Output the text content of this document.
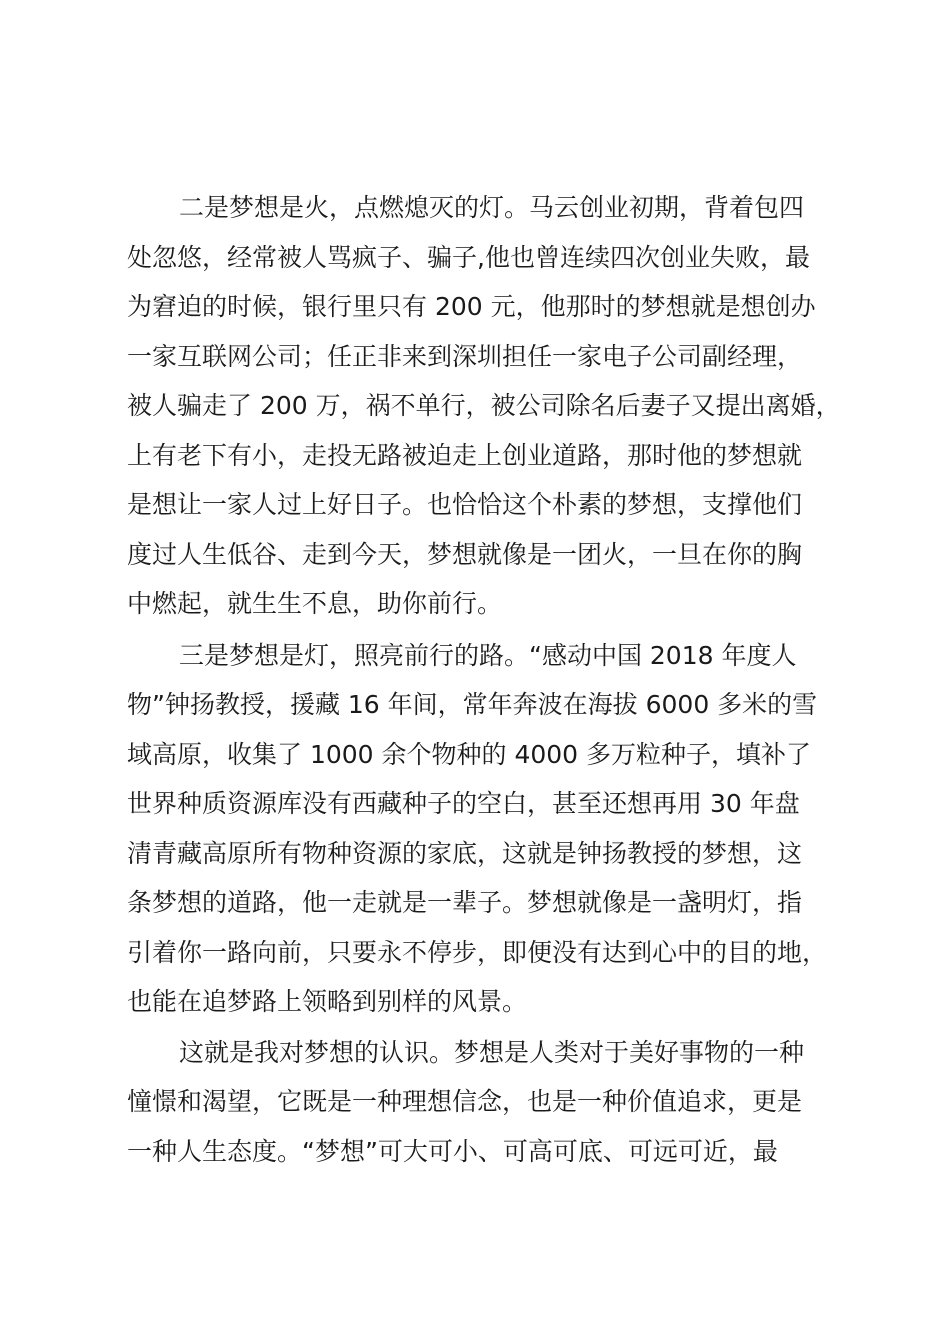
二是梦想是火，点燃熄灭的灯。马云创业初期，背着包四
处忽悠，经常被人骂疯子、骗子,他也曾连续四次创业失败，最
为窘迫的时候，银行里只有 200 元，他那时的梦想就是想创办
一家互联网公司；任正非来到深圳担任一家电子公司副经理，
被人骗走了 200 万，祸不单行，被公司除名后妻子又提出离婚，
上有老下有小，走投无路被迫走上创业道路，那时他的梦想就
是想让一家人过上好日子。也恰恰这个朴素的梦想，支撑他们
度过人生低谷、走到今天，梦想就像是一团火，一旦在你的胸
中燃起，就生生不息，助你前行。
三是梦想是灯，照亮前行的路。“感动中国 2018 年度人
物”钟扬教授，援藏 16 年间，常年奔波在海拔 6000 多米的雪
域高原，收集了 1000 余个物种的 4000 多万粒种子，填补了
世界种质资源库没有西藏种子的空白，甚至还想再用 30 年盘
清青藏高原所有物种资源的家底，这就是钟扬教授的梦想，这
条梦想的道路，他一走就是一辈子。梦想就像是一盏明灯，指
引着你一路向前，只要永不停步，即便没有达到心中的目的地，
也能在追梦路上领略到别样的风景。
这就是我对梦想的认识。梦想是人类对于美好事物的一种
憧憬和渴望，它既是一种理想信念，也是一种价值追求，更是
一种人生态度。“梦想”可大可小、可高可底、可远可近，最
